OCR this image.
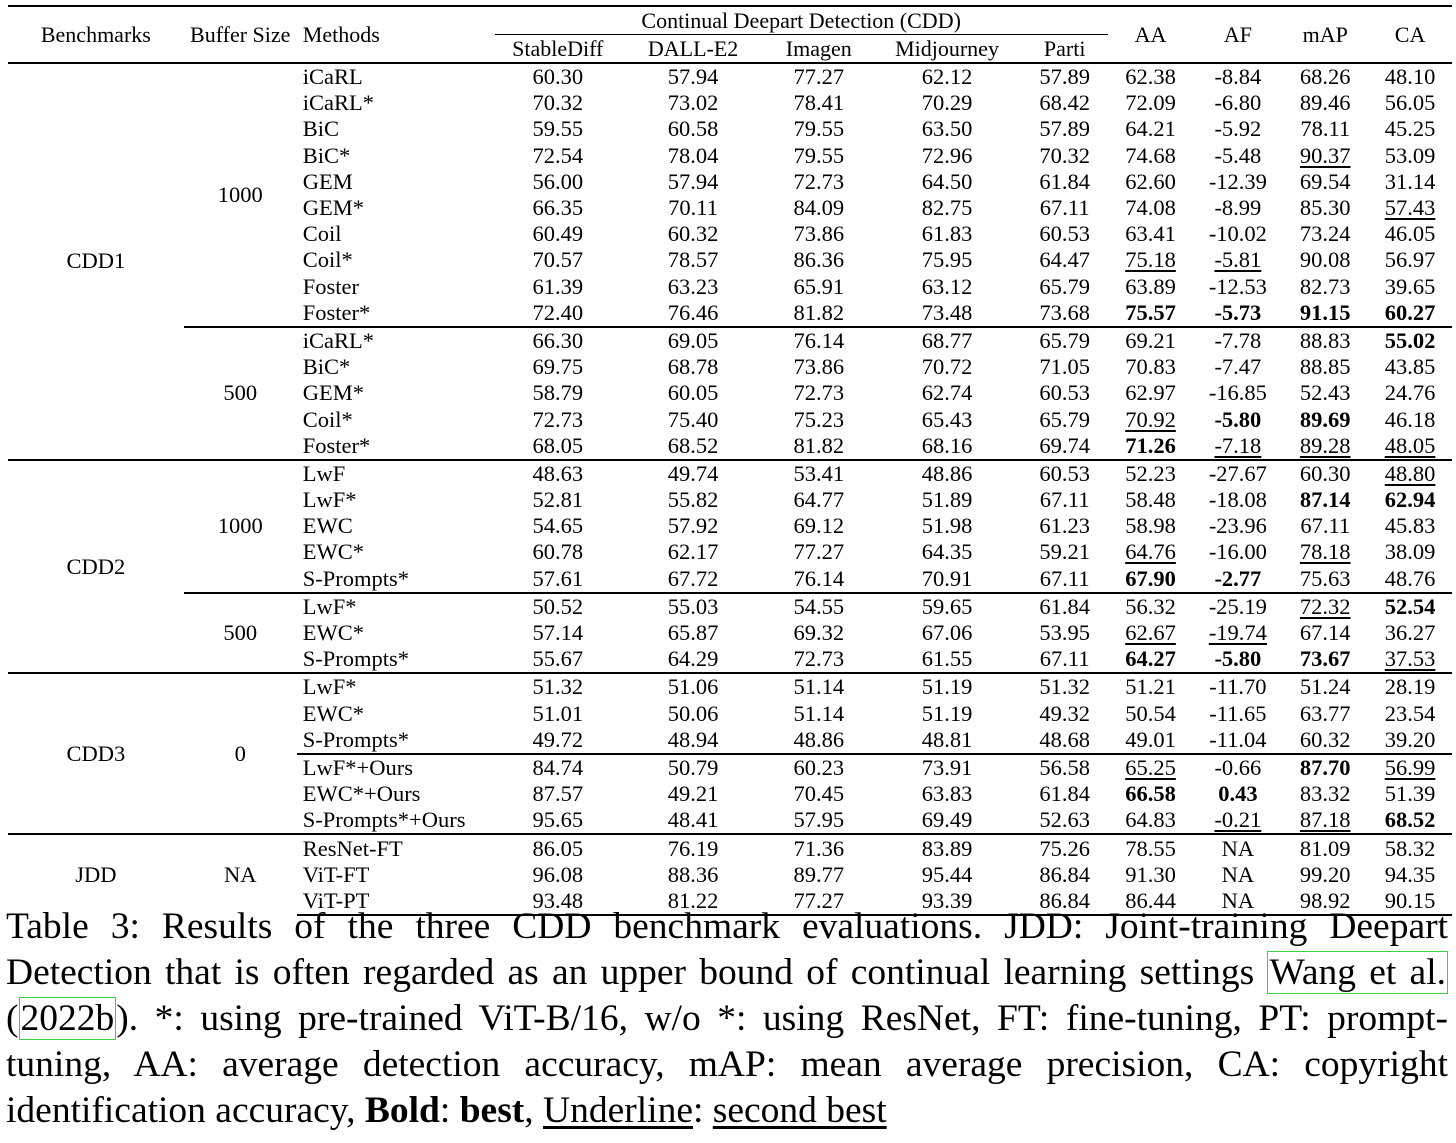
Benchmarks	Buffer Size	Methods	Continual Deepart Detection (CDD)					AA	AF	mAP	CA
			StableDiff	DALL-E2	Imagen	Midjourney	Parti				
CDD1	1000	iCaRL	60.30	57.94	77.27	62.12	57.89	62.38	-8.84	68.26	48.10
		iCaRL*	70.32	73.02	78.41	70.29	68.42	72.09	-6.80	89.46	56.05
		BiC	59.55	60.58	79.55	63.50	57.89	64.21	-5.92	78.11	45.25
		BiC*	72.54	78.04	79.55	72.96	70.32	74.68	-5.48	90.37	53.09
		GEM	56.00	57.94	72.73	64.50	61.84	62.60	-12.39	69.54	31.14
		GEM*	66.35	70.11	84.09	82.75	67.11	74.08	-8.99	85.30	57.43
		Coil	60.49	60.32	73.86	61.83	60.53	63.41	-10.02	73.24	46.05
		Coil*	70.57	78.57	86.36	75.95	64.47	75.18	-5.81	90.08	56.97
		Foster	61.39	63.23	65.91	63.12	65.79	63.89	-12.53	82.73	39.65
		Foster*	72.40	76.46	81.82	73.48	73.68	75.57	-5.73	91.15	60.27
	500	iCaRL*	66.30	69.05	76.14	68.77	65.79	69.21	-7.78	88.83	55.02
		BiC*	69.75	68.78	73.86	70.72	71.05	70.83	-7.47	88.85	43.85
		GEM*	58.79	60.05	72.73	62.74	60.53	62.97	-16.85	52.43	24.76
		Coil*	72.73	75.40	75.23	65.43	65.79	70.92	-5.80	89.69	46.18
		Foster*	68.05	68.52	81.82	68.16	69.74	71.26	-7.18	89.28	48.05
CDD2	1000	LwF	48.63	49.74	53.41	48.86	60.53	52.23	-27.67	60.30	48.80
		LwF*	52.81	55.82	64.77	51.89	67.11	58.48	-18.08	87.14	62.94
		EWC	54.65	57.92	69.12	51.98	61.23	58.98	-23.96	67.11	45.83
		EWC*	60.78	62.17	77.27	64.35	59.21	64.76	-16.00	78.18	38.09
		S-Prompts*	57.61	67.72	76.14	70.91	67.11	67.90	-2.77	75.63	48.76
	500	LwF*	50.52	55.03	54.55	59.65	61.84	56.32	-25.19	72.32	52.54
		EWC*	57.14	65.87	69.32	67.06	53.95	62.67	-19.74	67.14	36.27
		S-Prompts*	55.67	64.29	72.73	61.55	67.11	64.27	-5.80	73.67	37.53
CDD3	0	LwF*	51.32	51.06	51.14	51.19	51.32	51.21	-11.70	51.24	28.19
		EWC*	51.01	50.06	51.14	51.19	49.32	50.54	-11.65	63.77	23.54
		S-Prompts*	49.72	48.94	48.86	48.81	48.68	49.01	-11.04	60.32	39.20
		LwF*+Ours	84.74	50.79	60.23	73.91	56.58	65.25	-0.66	87.70	56.99
		EWC*+Ours	87.57	49.21	70.45	63.83	61.84	66.58	0.43	83.32	51.39
		S-Prompts*+Ours	95.65	48.41	57.95	69.49	52.63	64.83	-0.21	87.18	68.52
JDD	NA	ResNet-FT	86.05	76.19	71.36	83.89	75.26	78.55	NA	81.09	58.32
		ViT-FT	96.08	88.36	89.77	95.44	86.84	91.30	NA	99.20	94.35
		ViT-PT	93.48	81.22	77.27	93.39	86.84	86.44	NA	98.92	90.15
Table 3: Results of the three CDD benchmark evaluations. JDD: Joint-training Deepart Detection that is often regarded as an upper bound of continual learning settings Wang et al. (2022b). *: using pre-trained ViT-B/16, w/o *: using ResNet, FT: fine-tuning, PT: prompt-tuning, AA: average detection accuracy, mAP: mean average precision, CA: copyright identification accuracy, Bold: best, Underline: second best
